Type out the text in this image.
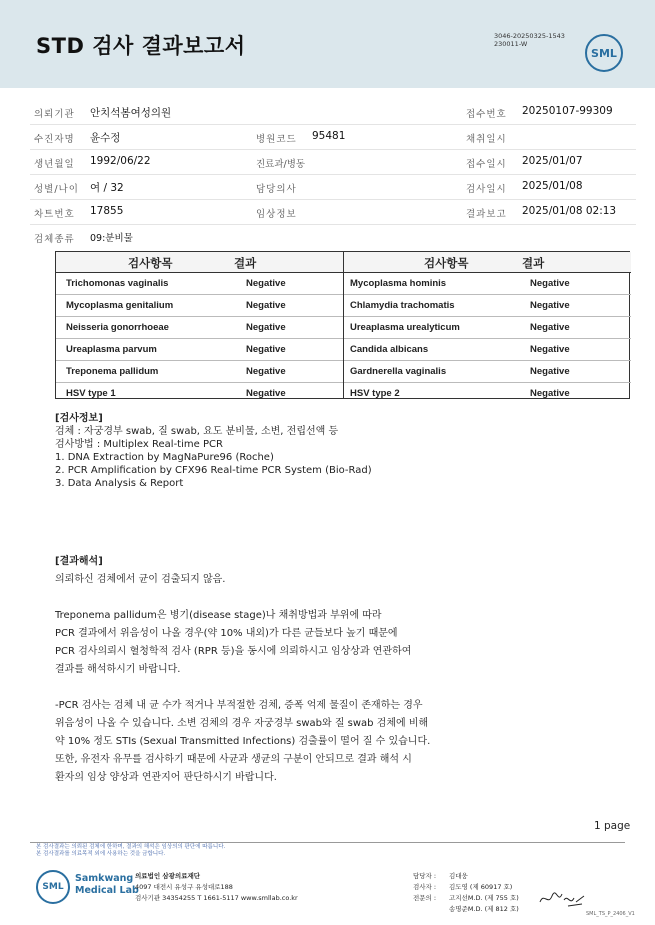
STD 검사 결과보고서	3046-20250325-1543
230011-W
SML
의뢰기관 안치석봄여성의원	접수번호 20250107-99309
수진자명 윤수정	병원코드 95481	채취일시
생년월일 1992/06/22	진료과/병동	접수일시 2025/01/07
성별/나이 여 / 32	담당의사	검사일시 2025/01/08
차트번호 17855	임상정보	결과보고 2025/01/08 02:13
검체종류 09:분비물
검사항목	결과
Trichomonas vaginalis	Negative
Mycoplasma genitalium	Negative
Neisseria gonorrhoeae	Negative
Ureaplasma parvum	Negative
Treponema pallidum	Negative
HSV type 1	Negative
검사항목	결과
Mycoplasma hominis	Negative
Chlamydia trachomatis	Negative
Ureaplasma urealyticum	Negative
Candida albicans	Negative
Gardnerella vaginalis	Negative
HSV type 2	Negative
[검사정보]
검체 : 자궁경부 swab, 질 swab, 요도 분비물, 소변, 전립선액 등
검사방법 : Multiplex Real-time PCR
1. DNA Extraction by MagNaPure96 (Roche)
2. PCR Amplification by CFX96 Real-time PCR System (Bio-Rad)
3. Data Analysis & Report

[결과해석]

의뢰하신 검체에서 균이 검출되지 않음.

Treponema pallidum은 병기(disease stage)나 채취방법과 부위에 따라

PCR 결과에서 위음성이 나올 경우(약 10% 내외)가 다른 균들보다 높기 때문에

PCR 검사의뢰시 혈청학적 검사 (RPR 등)을 동시에 의뢰하시고 임상상과 연관하여

결과를 해석하시기 바랍니다.

-PCR 검사는 검체 내 균 수가 적거나 부적절한 검체, 증폭 억제 물질이 존재하는 경우

위음성이 나올 수 있습니다. 소변 검체의 경우 자궁경부 swab와 질 swab 검체에 비해

약 10% 정도 STIs (Sexual Transmitted Infections) 검출률이 떨어 질 수 있습니다.

또한, 유전자 유무를 검사하기 때문에 사균과 생균의 구분이 안되므로 결과 해석 시

환자의 임상 양상과 연관지어 판단하시기 바랍니다.

1 page
본 검사결과는 의뢰된 검체에 한하며, 결과의 해석은 임상의의 판단에 따릅니다.
본 검사결과를 의료목적 외에 사용하는 것을 금합니다.
SML
Samkwang
Medical Lab
의료법인 삼광의료재단
4097 대전시 유성구 유성대로188
검사기관 34354255 T 1661-5117 www.smllab.co.kr
담당자 :	김대웅
검사자 :	김도영 (제 60917 호)
전문의 :	고지선M.D. (제 755 호)
송명준M.D. (제 812 호)
SML_TS_P_2406_V1
